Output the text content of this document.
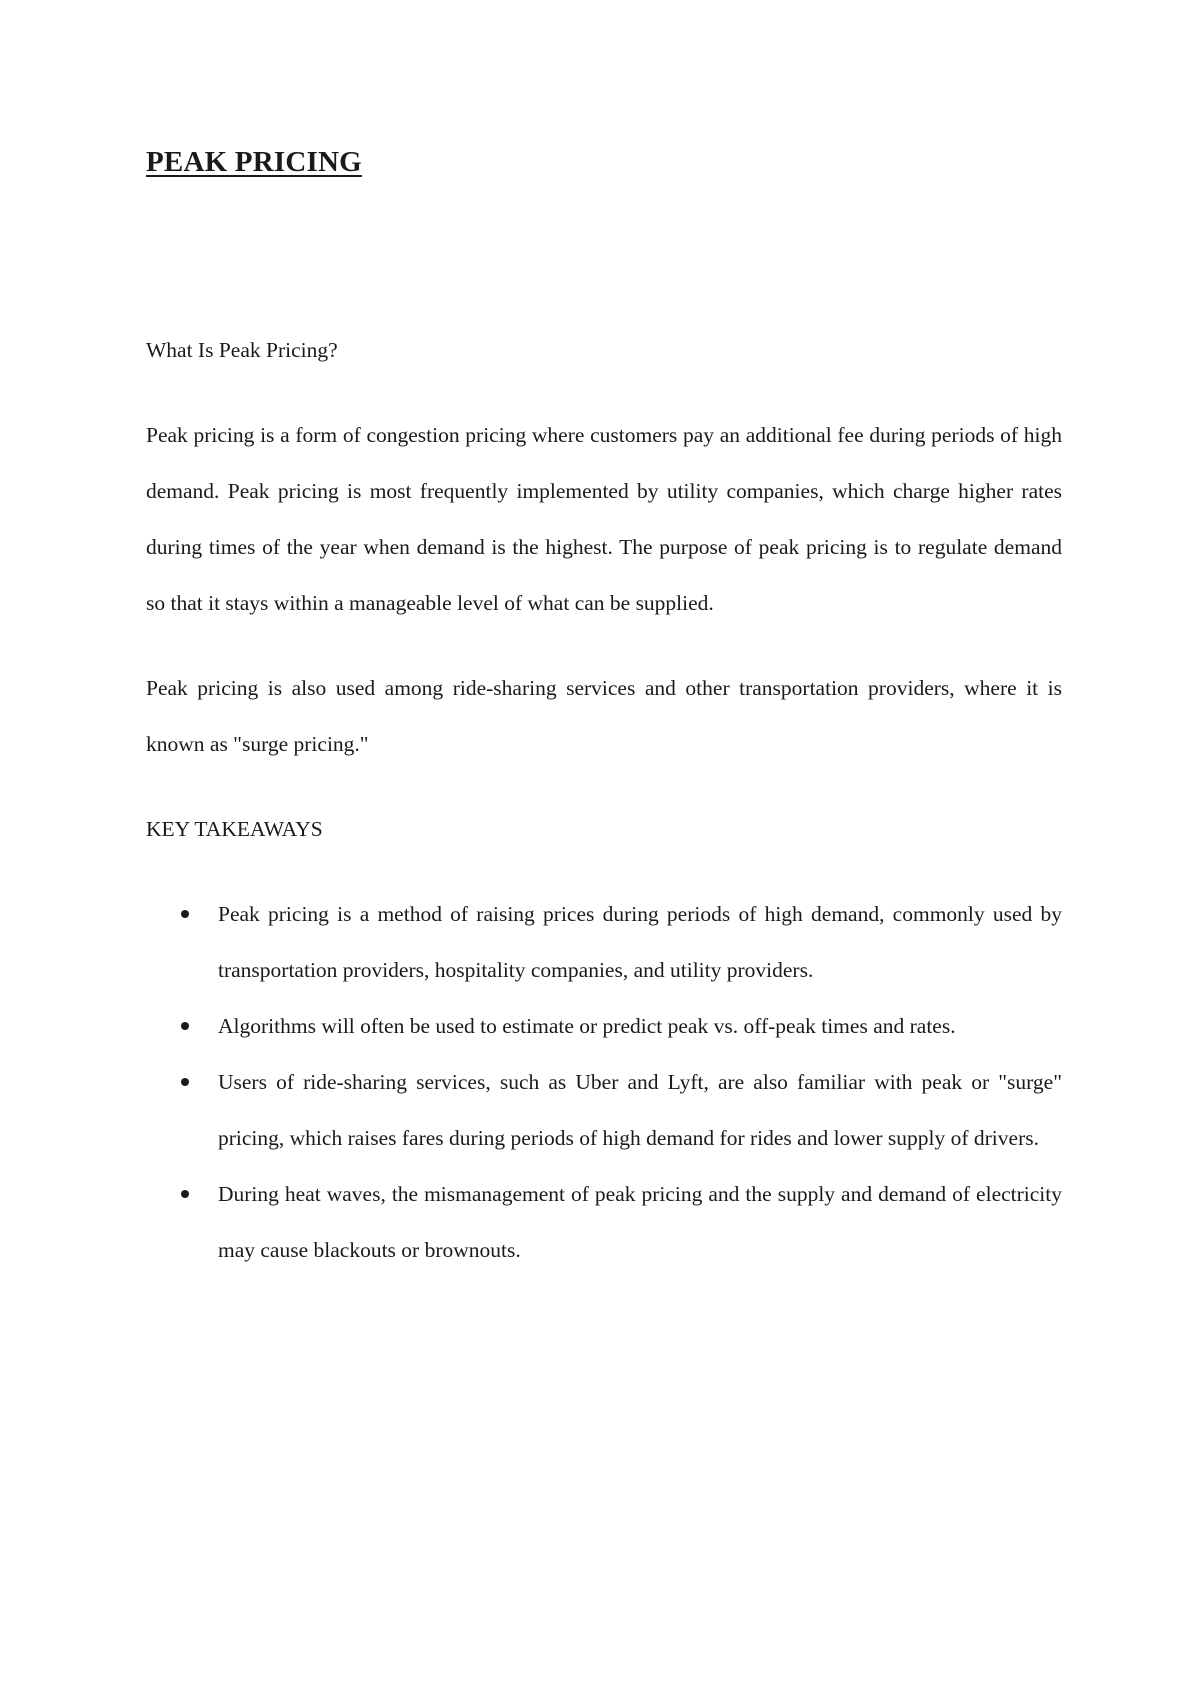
PEAK PRICING

What Is Peak Pricing?

Peak pricing is a form of congestion pricing where customers pay an additional fee during periods of high demand. Peak pricing is most frequently implemented by utility companies, which charge higher rates during times of the year when demand is the highest. The purpose of peak pricing is to regulate demand so that it stays within a manageable level of what can be supplied.

Peak pricing is also used among ride-sharing services and other transportation providers, where it is known as "surge pricing."

KEY TAKEAWAYS

Peak pricing is a method of raising prices during periods of high demand, commonly used by transportation providers, hospitality companies, and utility providers.
Algorithms will often be used to estimate or predict peak vs. off-peak times and rates.
Users of ride-sharing services, such as Uber and Lyft, are also familiar with peak or "surge" pricing, which raises fares during periods of high demand for rides and lower supply of drivers.
During heat waves, the mismanagement of peak pricing and the supply and demand of electricity may cause blackouts or brownouts.
